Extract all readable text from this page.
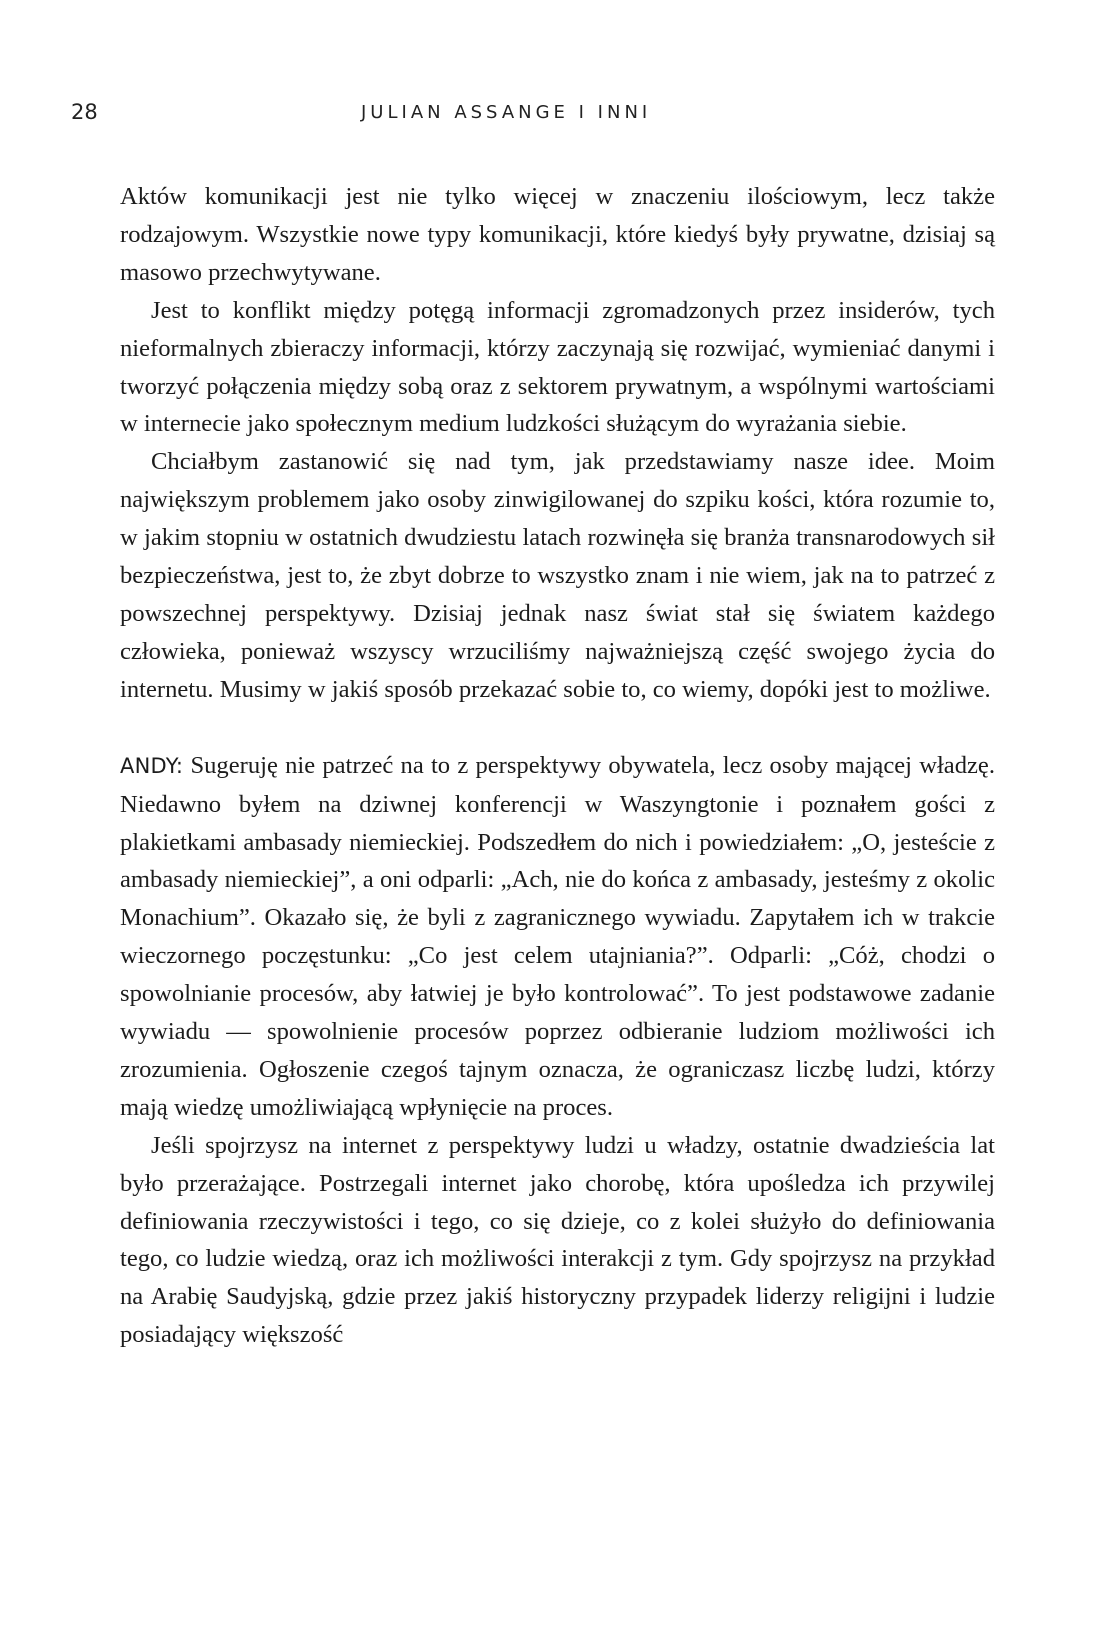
28	JULIAN ASSANGE I INNI

Aktów komunikacji jest nie tylko więcej w znaczeniu ilościowym, lecz także rodzajowym. Wszystkie nowe typy komunikacji, które kiedyś były prywatne, dzisiaj są masowo przechwytywane.

Jest to konflikt między potęgą informacji zgromadzonych przez insiderów, tych nieformalnych zbieraczy informacji, którzy zaczynają się rozwijać, wymieniać danymi i tworzyć połączenia między sobą oraz z sektorem prywatnym, a wspólnymi wartościami w internecie jako społecznym medium ludzkości służącym do wyrażania siebie.

Chciałbym zastanowić się nad tym, jak przedstawiamy nasze idee. Moim największym problemem jako osoby zinwigilowanej do szpiku kości, która rozumie to, w jakim stopniu w ostatnich dwudziestu latach rozwinęła się branża transnarodowych sił bezpieczeństwa, jest to, że zbyt dobrze to wszystko znam i nie wiem, jak na to patrzeć z powszechnej perspektywy. Dzisiaj jednak nasz świat stał się światem każdego człowieka, ponieważ wszyscy wrzuciliśmy najważniejszą część swojego życia do internetu. Musimy w jakiś sposób przekazać sobie to, co wiemy, dopóki jest to możliwe.

ANDY: Sugeruję nie patrzeć na to z perspektywy obywatela, lecz osoby mającej władzę. Niedawno byłem na dziwnej konferencji w Waszyngtonie i poznałem gości z plakietkami ambasady niemieckiej. Podszedłem do nich i powiedziałem: „O, jesteście z ambasady niemieckiej”, a oni odparli: „Ach, nie do końca z ambasady, jesteśmy z okolic Monachium”. Okazało się, że byli z zagranicznego wywiadu. Zapytałem ich w trakcie wieczornego poczęstunku: „Co jest celem utajniania?”. Odparli: „Cóż, chodzi o spowolnianie procesów, aby łatwiej je było kontrolować”. To jest podstawowe zadanie wywiadu — spowolnienie procesów poprzez odbieranie ludziom możliwości ich zrozumienia. Ogłoszenie czegoś tajnym oznacza, że ograniczasz liczbę ludzi, którzy mają wiedzę umożliwiającą wpłynięcie na proces.

Jeśli spojrzysz na internet z perspektywy ludzi u władzy, ostatnie dwadzieścia lat było przerażające. Postrzegali internet jako chorobę, która upośledza ich przywilej definiowania rzeczywistości i tego, co się dzieje, co z kolei służyło do definiowania tego, co ludzie wiedzą, oraz ich możliwości interakcji z tym. Gdy spojrzysz na przykład na Arabię Saudyjską, gdzie przez jakiś historyczny przypadek liderzy religijni i ludzie posiadający większość
